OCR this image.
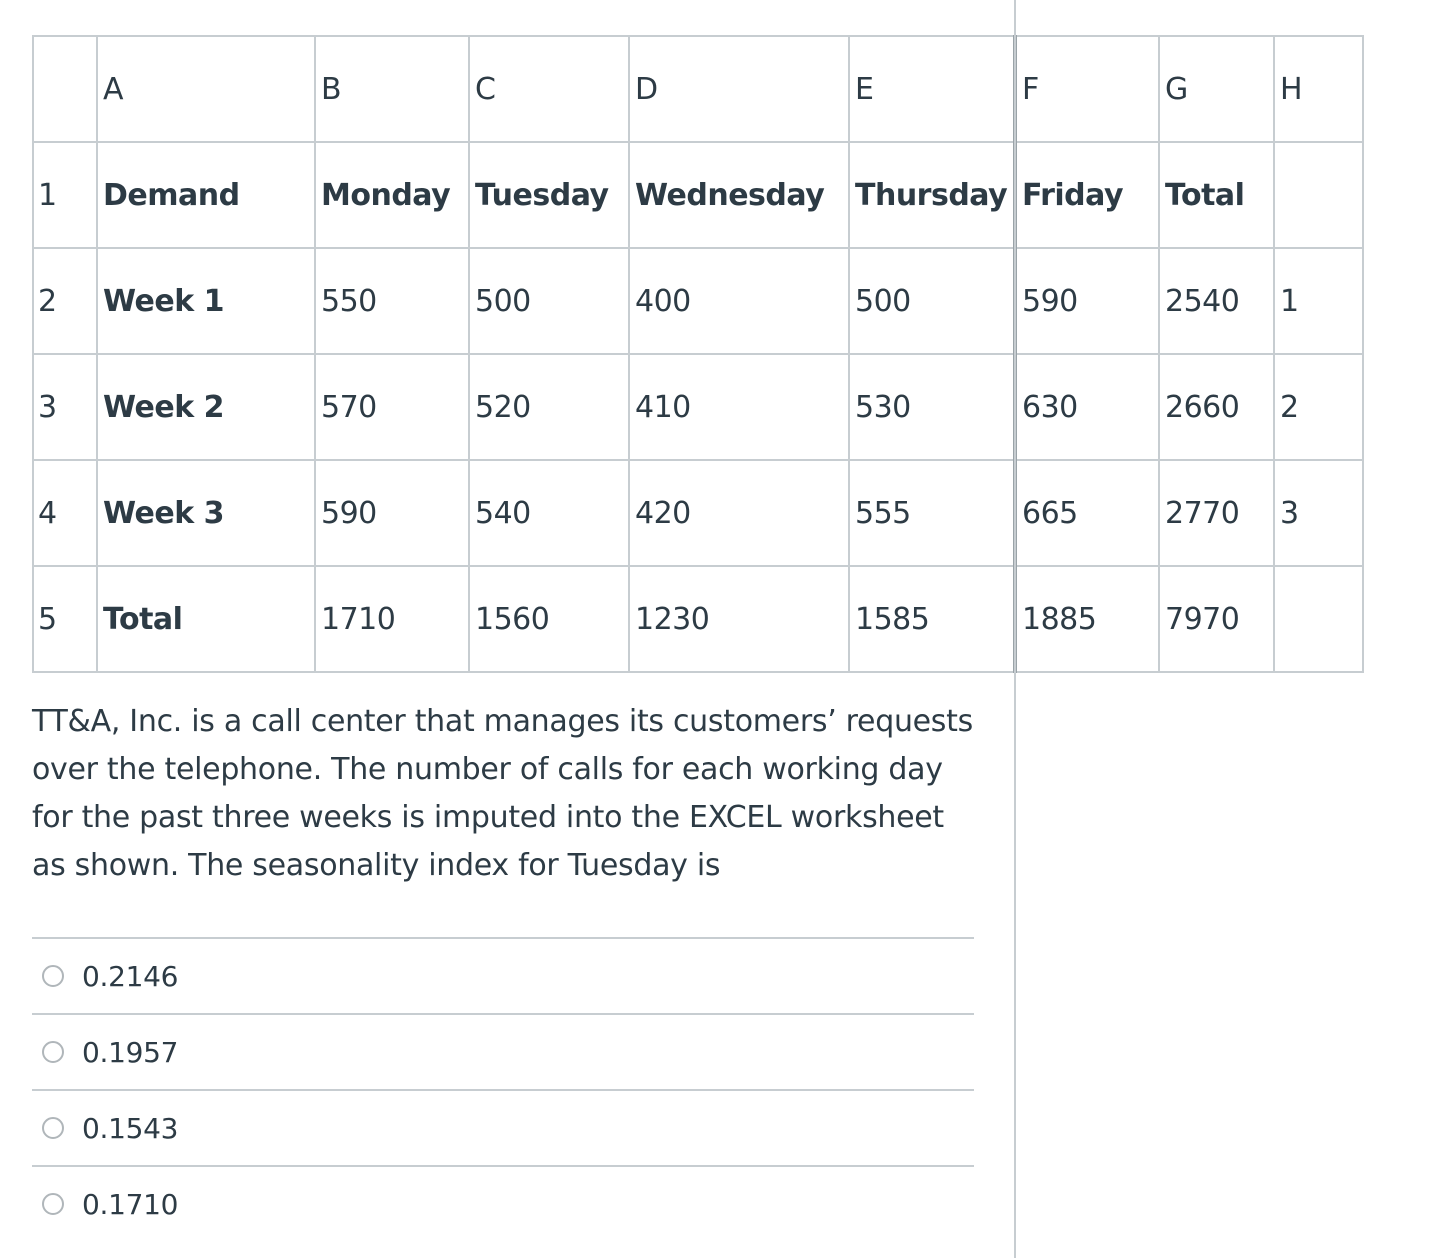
	A	B	C	D	E	F	G	H
1	Demand	Monday	Tuesday	Wednesday	Thursday	Friday	Total	
2	Week 1	550	500	400	500	590	2540	1
3	Week 2	570	520	410	530	630	2660	2
4	Week 3	590	540	420	555	665	2770	3
5	Total	1710	1560	1230	1585	1885	7970	
TT&A, Inc. is a call center that manages its customers’ requests over the telephone. The number of calls for each working day for the past three weeks is imputed into the EXCEL worksheet as shown. The seasonality index for Tuesday is
0.2146
0.1957
0.1543
0.1710
